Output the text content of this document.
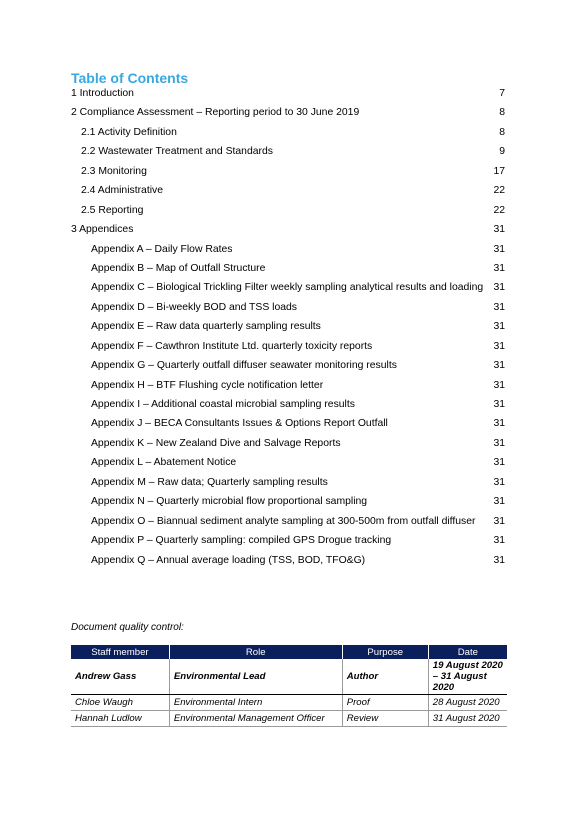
Table of Contents
1 Introduction	7
2 Compliance Assessment – Reporting period to 30 June 2019	8
2.1 Activity Definition	8
2.2 Wastewater Treatment and Standards	9
2.3 Monitoring	17
2.4 Administrative	22
2.5 Reporting	22
3 Appendices	31
Appendix A – Daily Flow Rates	31
Appendix B – Map of Outfall Structure	31
Appendix C – Biological Trickling Filter weekly sampling analytical results and loading 31
Appendix D – Bi-weekly BOD and TSS loads	31
Appendix E – Raw data quarterly sampling results	31
Appendix F – Cawthron Institute Ltd. quarterly toxicity reports	31
Appendix G – Quarterly outfall diffuser seawater monitoring results	31
Appendix H – BTF Flushing cycle notification letter	31
Appendix I – Additional coastal microbial sampling results	31
Appendix J – BECA Consultants Issues & Options Report Outfall	31
Appendix K – New Zealand Dive and Salvage Reports	31
Appendix L – Abatement Notice	31
Appendix M – Raw data; Quarterly sampling results	31
Appendix N – Quarterly microbial flow proportional sampling	31
Appendix O – Biannual sediment analyte sampling at 300-500m from outfall diffuser 31
Appendix P – Quarterly sampling: compiled GPS Drogue tracking	31
Appendix Q – Annual average loading (TSS, BOD, TFO&G)	31

Document quality control:

Staff member	Role	Purpose	Date
Andrew Gass	Environmental Lead	Author	19 August 2020 – 31 August 2020
Chloe Waugh	Environmental Intern	Proof	28 August 2020
Hannah Ludlow	Environmental Management Officer	Review	31 August 2020
